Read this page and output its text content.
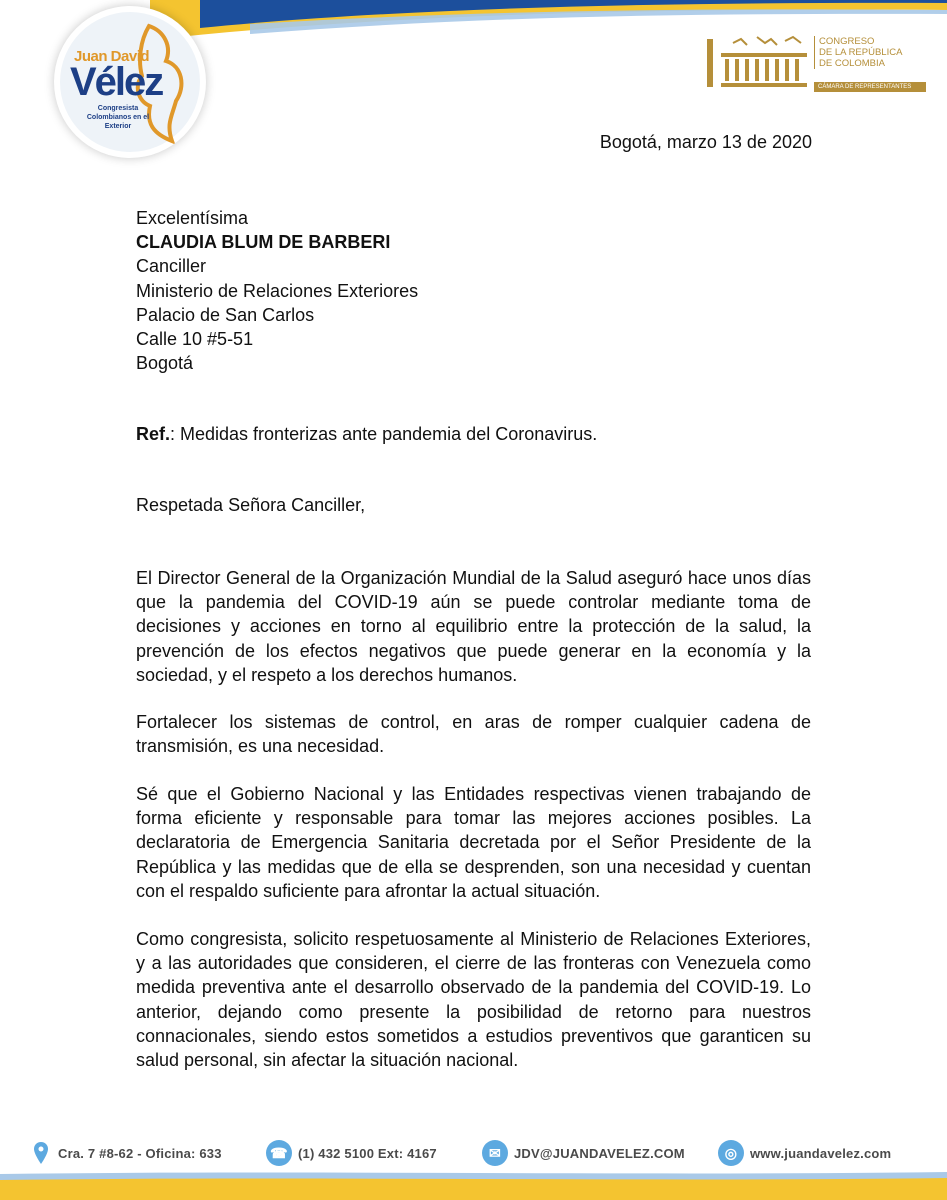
Juan David
Vélez
Congresista
Colombianos en el Exterior
CONGRESO
DE LA REPÚBLICA
DE COLOMBIA
CÁMARA DE REPRESENTANTES
Bogotá, marzo 13 de 2020
Excelentísima
CLAUDIA BLUM DE BARBERI
Canciller
Ministerio de Relaciones Exteriores
Palacio de San Carlos
Calle 10 #5-51
Bogotá
Ref.: Medidas fronterizas ante pandemia del Coronavirus.
Respetada Señora Canciller,
El Director General de la Organización Mundial de la Salud aseguró hace unos días que la pandemia del COVID-19 aún se puede controlar mediante toma de decisiones y acciones en torno al equilibrio entre la protección de la salud, la prevención de los efectos negativos que puede generar en la economía y la sociedad, y el respeto a los derechos humanos.
Fortalecer los sistemas de control, en aras de romper cualquier cadena de transmisión, es una necesidad.
Sé que el Gobierno Nacional y las Entidades respectivas vienen trabajando de forma eficiente y responsable para tomar las mejores acciones posibles. La declaratoria de Emergencia Sanitaria decretada por el Señor Presidente de la República y las medidas que de ella se desprenden, son una necesidad y cuentan con el respaldo suficiente para afrontar la actual situación.
Como congresista, solicito respetuosamente al Ministerio de Relaciones Exteriores, y a las autoridades que consideren, el cierre de las fronteras con Venezuela como medida preventiva ante el desarrollo observado de la pandemia del COVID-19. Lo anterior, dejando como presente la posibilidad de retorno para nuestros connacionales, siendo estos sometidos a estudios preventivos que garanticen su salud personal, sin afectar la situación nacional.
Cra. 7 #8-62 - Oficina: 633	☎ (1) 432 5100 Ext: 4167	✉	JDV@JUANDAVELEZ.COM	◎ www.juandavelez.com
